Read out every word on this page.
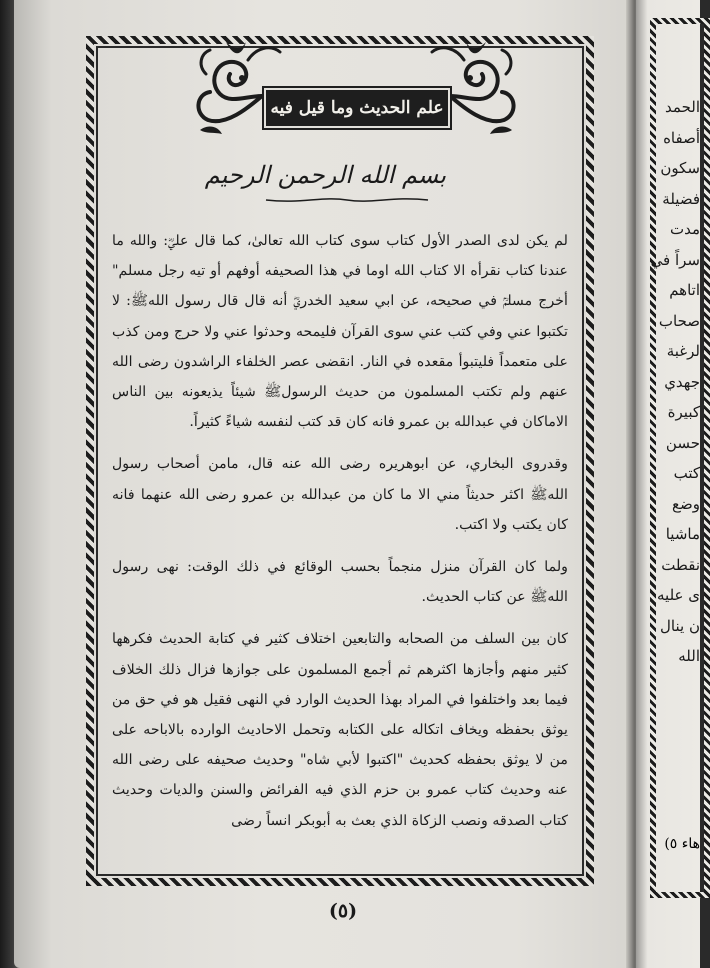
الحمد
أصفاه
سكون
فضيلة
مدت
سراً في
اتاهم
صحاب
لرغبة
جهدي
كبيرة
حسن
كتب
وضع
ماشيا
نقطت
ى عليه
ن ينال
الله
هاء ٥)
علم الحديث وما قيل فيه
بسم الله الرحمن الرحيم
لم يكن لدى الصدر الأول كتاب سوى كتاب الله تعالىٰ، كما قال عليؓ: والله ما عندنا كتاب نقرأه الا كتاب الله اوما في هذا الصحيفه أوفهم أو تيه رجل مسلم" أخرج مسلمؒ في صحيحه، عن ابي سعيد الخدريؓ أنه قال قال رسول اللهﷺ: لا تكتبوا عني وفي كتب عني سوى القرآن فليمحه وحدثوا عني ولا حرج ومن كذب على متعمداً فليتبوأ مقعده في النار. انقضى عصر الخلفاء الراشدون رضى الله عنهم ولم تكتب المسلمون من حديث الرسولﷺ شيئاً يذيعونه بين الناس الاماكان في عبدالله بن عمرو فانه كان قد كتب لنفسه شياءً كثيراً.
وقدروى البخاري، عن ابوهريره رضى الله عنه قال، مامن أصحاب رسول اللهﷺ اكثر حديثاً مني الا ما كان من عبدالله بن عمرو رضى الله عنهما فانه كان يكتب ولا اكتب.
ولما كان القرآن منزل منجماً بحسب الوقائع في ذلك الوقت: نهى رسول اللهﷺ عن كتاب الحديث.
كان بين السلف من الصحابه والتابعين اختلاف كثير في كتابة الحديث فكرهها كثير منهم وأجازها اكثرهم ثم أجمع المسلمون على جوازها فزال ذلك الخلاف فيما بعد واختلفوا في المراد بهذا الحديث الوارد في النهى فقيل هو في حق من يوثق بحفظه ويخاف اتكاله على الكتابه وتحمل الاحاديث الوارده بالاباحه على من لا يوثق بحفظه كحديث "اكتبوا لأبي شاه" وحديث صحيفه على رضى الله عنه وحديث كتاب عمرو بن حزم الذي فيه الفرائض والسنن والديات وحديث كتاب الصدقه ونصب الزكاة الذي بعث به أبوبكر انساً رضى
(٥)
